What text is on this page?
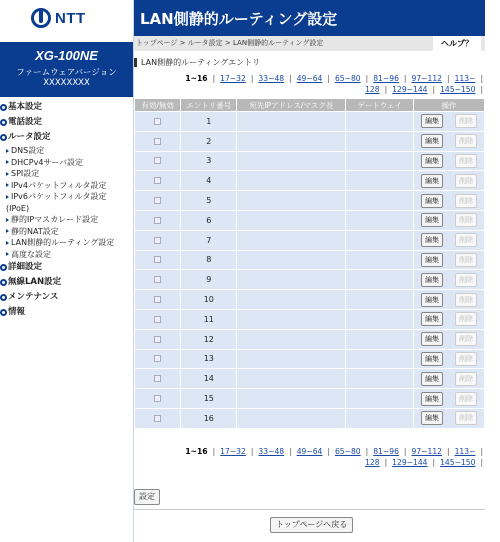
NTT
XG-100NE
ファームウェアバージョン
XXXXXXXX
基本設定
電話設定
ルータ設定
DNS設定
DHCPv4サーバ設定
SPI設定
IPv4パケットフィルタ設定
IPv6パケットフィルタ設定
(IPoE)
静的IPマスカレード設定
静的NAT設定
LAN側静的ルーティング設定
高度な設定
詳細設定
無線LAN設定
メンテナンス
情報
LAN側静的ルーティング設定
トップページ > ルータ設定 > LAN側静的ルーティング設定	ヘルプ？
LAN側静的ルーティングエントリ
1~16 | 17~32 | 33~48 | 49~64 | 65~80 | 81~96 | 97~112 | 113~ |
128 | 129~144 | 145~150 |
有効/無効	エントリ番号	宛先IPアドレス/マスク長	ゲートウェイ	操作
	1			編集 削除
	2			編集 削除
	3			編集 削除
	4			編集 削除
	5			編集 削除
	6			編集 削除
	7			編集 削除
	8			編集 削除
	9			編集 削除
	10			編集 削除
	11			編集 削除
	12			編集 削除
	13			編集 削除
	14			編集 削除
	15			編集 削除
	16			編集 削除
1~16 | 17~32 | 33~48 | 49~64 | 65~80 | 81~96 | 97~112 | 113~ |
128 | 129~144 | 145~150 |
設定
トップページへ戻る
